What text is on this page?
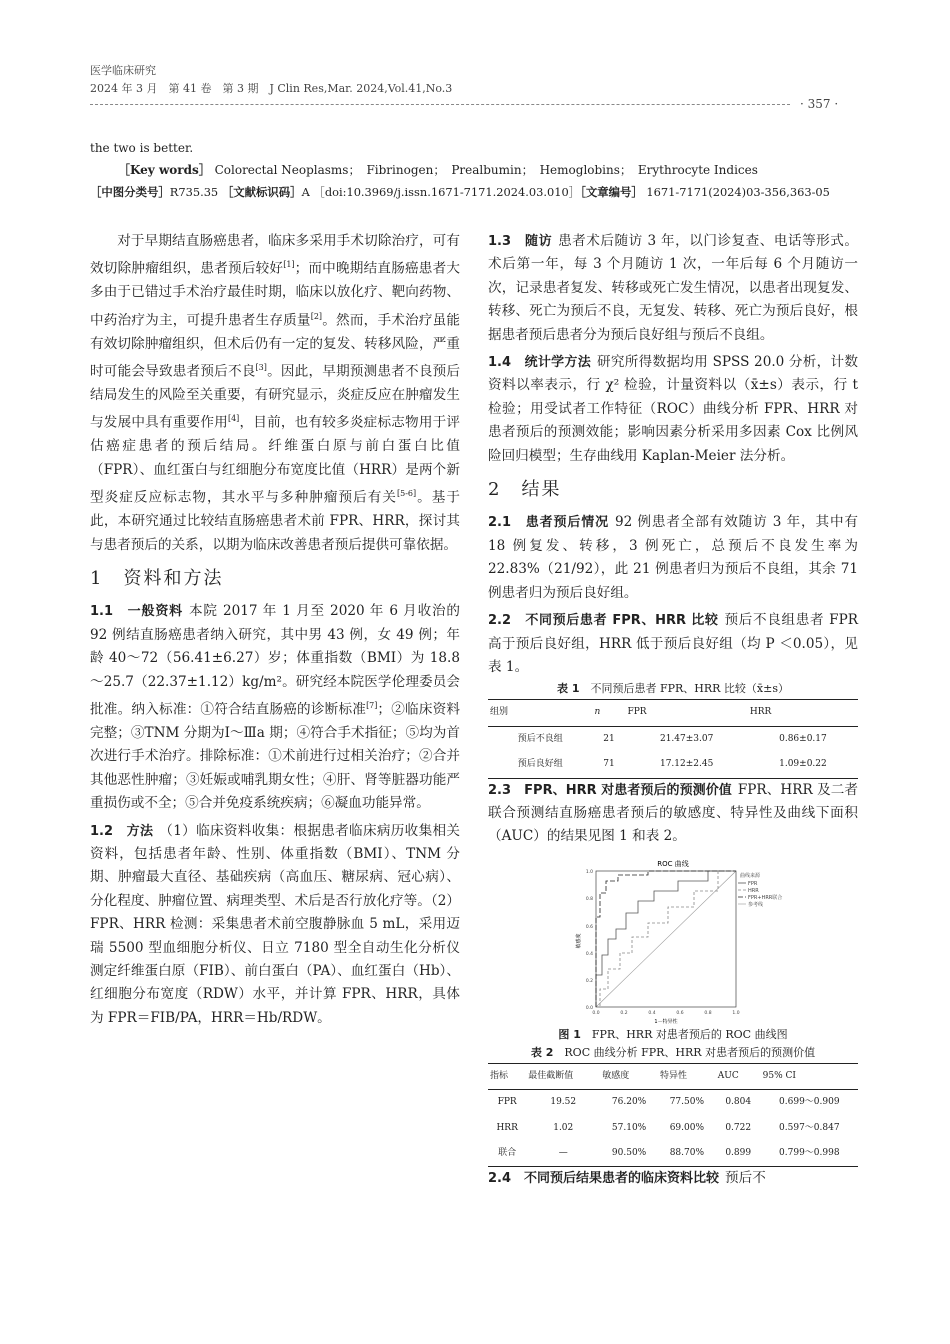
医学临床研究
2024 年 3 月　第 41 卷　第 3 期　J Clin Res,Mar. 2024,Vol.41,No.3
· 357 ·
the two is better.
［Key words］ Colorectal Neoplasms；　Fibrinogen；　Prealbumin；　Hemoglobins；　Erythrocyte Indices
［中图分类号］R735.35 ［文献标识码］A ［doi:10.3969/j.issn.1671-7171.2024.03.010］［文章编号］ 1671-7171(2024)03-356,363-05

对于早期结直肠癌患者，临床多采用手术切除治疗，可有效切除肿瘤组织，患者预后较好[1]；而中晚期结直肠癌患者大多由于已错过手术治疗最佳时期，临床以放化疗、靶向药物、中药治疗为主，可提升患者生存质量[2]。然而，手术治疗虽能有效切除肿瘤组织，但术后仍有一定的复发、转移风险，严重时可能会导致患者预后不良[3]。因此，早期预测患者不良预后结局发生的风险至关重要，有研究显示，炎症反应在肿瘤发生与发展中具有重要作用[4]，目前，也有较多炎症标志物用于评估癌症患者的预后结局。纤维蛋白原与前白蛋白比值（FPR）、血红蛋白与红细胞分布宽度比值（HRR）是两个新型炎症反应标志物，其水平与多种肿瘤预后有关[5-6]。基于此，本研究通过比较结直肠癌患者术前 FPR、HRR，探讨其与患者预后的关系，以期为临床改善患者预后提供可靠依据。

1　资料和方法

1.1　一般资料 本院 2017 年 1 月至 2020 年 6 月收治的 92 例结直肠癌患者纳入研究，其中男 43 例，女 49 例；年龄 40～72（56.41±6.27）岁；体重指数（BMI）为 18.8～25.7（22.37±1.12）kg/m²。研究经本院医学伦理委员会批准。纳入标准：①符合结直肠癌的诊断标准[7]；②临床资料完整；③TNM 分期为Ⅰ～Ⅲa 期；④符合手术指征；⑤均为首次进行手术治疗。排除标准：①术前进行过相关治疗；②合并其他恶性肿瘤；③妊娠或哺乳期女性；④肝、肾等脏器功能严重损伤或不全；⑤合并免疫系统疾病；⑥凝血功能异常。

1.2　方法 （1）临床资料收集：根据患者临床病历收集相关资料，包括患者年龄、性别、体重指数（BMI）、TNM 分期、肿瘤最大直径、基础疾病（高血压、糖尿病、冠心病）、分化程度、肿瘤位置、病理类型、术后是否行放化疗等。（2）FPR、HRR 检测：采集患者术前空腹静脉血 5 mL，采用迈瑞 5500 型血细胞分析仪、日立 7180 型全自动生化分析仪测定纤维蛋白原（FIB）、前白蛋白（PA）、血红蛋白（Hb）、红细胞分布宽度（RDW）水平，并计算 FPR、HRR，具体为 FPR＝FIB/PA，HRR＝Hb/RDW。

1.3　随访 患者术后随访 3 年，以门诊复查、电话等形式。术后第一年，每 3 个月随访 1 次，一年后每 6 个月随访一次，记录患者复发、转移或死亡发生情况，以患者出现复发、转移、死亡为预后不良，无复发、转移、死亡为预后良好，根据患者预后患者分为预后良好组与预后不良组。

1.4　统计学方法 研究所得数据均用 SPSS 20.0 分析，计数资料以率表示，行 χ² 检验，计量资料以（x̄±s）表示，行 t 检验；用受试者工作特征（ROC）曲线分析 FPR、HRR 对患者预后的预测效能；影响因素分析采用多因素 Cox 比例风险回归模型；生存曲线用 Kaplan-Meier 法分析。

2　结果

2.1　患者预后情况 92 例患者全部有效随访 3 年，其中有 18 例复发、转移，3 例死亡，总预后不良发生率为 22.83%（21/92），此 21 例患者归为预后不良组，其余 71 例患者归为预后良好组。

2.2　不同预后患者 FPR、HRR 比较 预后不良组患者 FPR 高于预后良好组，HRR 低于预后良好组（均 P ＜0.05），见表 1。

表 1　 不同预后患者 FPR、HRR 比较（x̄±s）
组别	n	FPR	HRR
预后不良组	21	21.47±3.07	0.86±0.17
预后良好组	71	17.12±2.45	1.09±0.22

2.3　FPR、HRR 对患者预后的预测价值 FPR、HRR 及二者联合预测结直肠癌患者预后的敏感度、特异性及曲线下面积（AUC）的结果见图 1 和表 2。

ROC 曲线
曲线来源
FPR
HRR
FPR+HRR联合
参考线
敏感度
1－特异性
0.0	0.2	0.4	0.6	0.8	1.0
0.0
0.2
0.4
0.6
0.8
1.0
图 1　 FPR、HRR 对患者预后的 ROC 曲线图
表 2　 ROC 曲线分析 FPR、HRR 对患者预后的预测价值
指标	最佳截断值	敏感度	特异性	AUC	95% CI
FPR	19.52	76.20%	77.50%	0.804	0.699～0.909
HRR	1.02	57.10%	69.00%	0.722	0.597～0.847
联合	—	90.50%	88.70%	0.899	0.799～0.998

2.4　不同预后结果患者的临床资料比较 预后不
